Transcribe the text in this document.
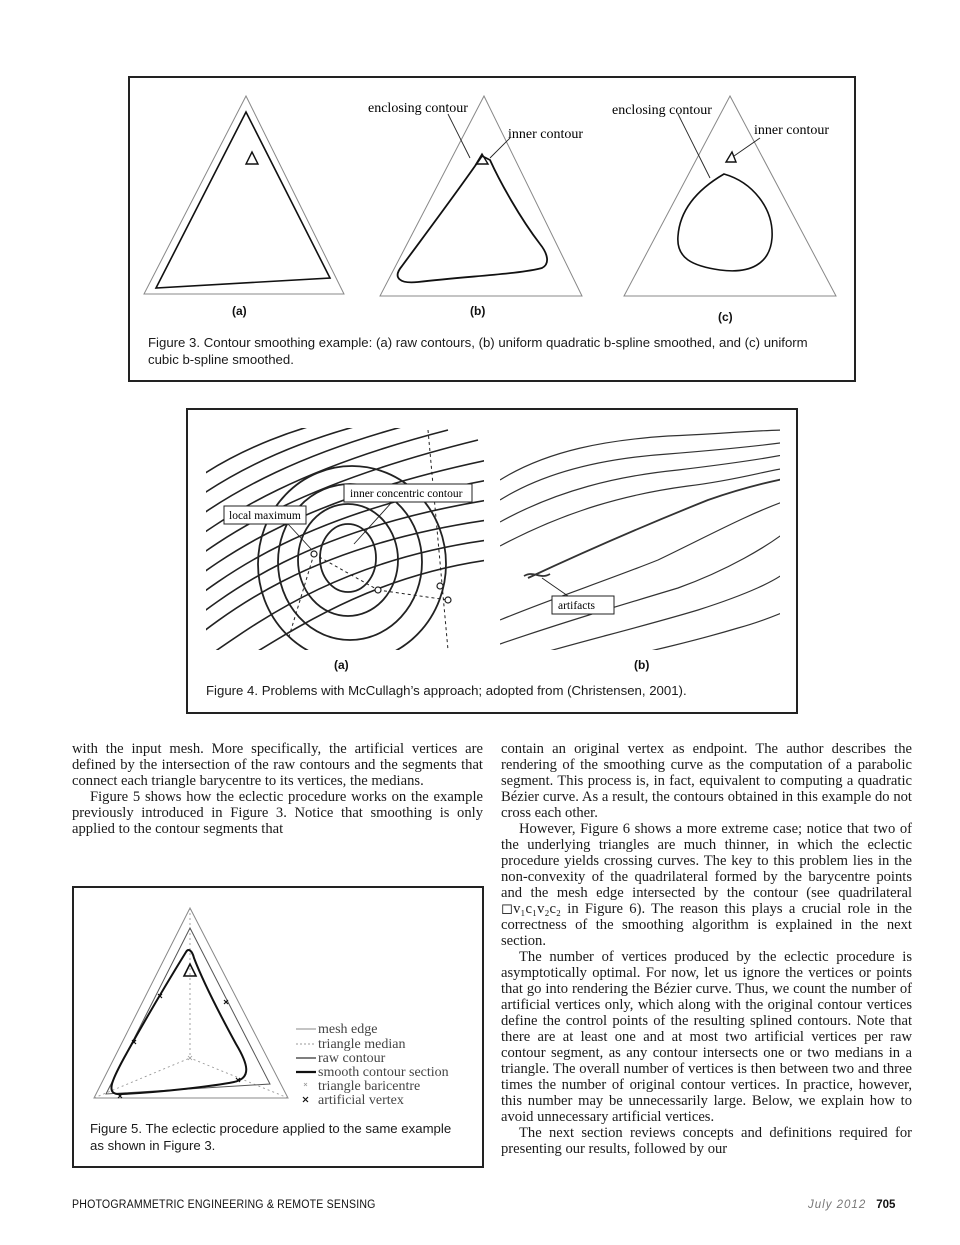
enclosing contour
inner contour
enclosing contour
inner contour
(a)	(b)	(c)
Figure 3. Contour smoothing example: (a) raw contours, (b) uniform quadratic b-spline smoothed, and (c) uniform cubic b-spline smoothed.
inner concentric contour
local maximum
artifacts
(a)	(b)
Figure 4. Problems with McCullagh’s approach; adopted from (Christensen, 2001).
mesh edge
triangle median
raw contour
smooth contour section
triangle baricentre
artificial vertex
Figure 5. The eclectic procedure applied to the same example as shown in Figure 3.

with the input mesh. More specifically, the artificial vertices are defined by the intersection of the raw contours and the segments that connect each triangle barycentre to its vertices, the medians.

Figure 5 shows how the eclectic procedure works on the example previously introduced in Figure 3. Notice that smoothing is only applied to the contour segments that

contain an original vertex as endpoint. The author describes the rendering of the smoothing curve as the computation of a parabolic segment. This process is, in fact, equivalent to computing a quadratic Bézier curve. As a result, the contours obtained in this example do not cross each other.

However, Figure 6 shows a more extreme case; notice that two of the underlying triangles are much thinner, in which the eclectic procedure yields crossing curves. The key to this problem lies in the non-convexity of the quadrilateral formed by the barycentre points and the mesh edge intersected by the contour (see quadrilateral ◻v₁c₁v₂c₂ in Figure 6). The reason this plays a crucial role in the correctness of the smoothing algorithm is explained in the next section.

The number of vertices produced by the eclectic procedure is asymptotically optimal. For now, let us ignore the vertices or points that go into rendering the Bézier curve. Thus, we count the number of artificial vertices only, which along with the original contour vertices define the control points of the resulting splined contours. Note that there are at least one and at most two artificial vertices per raw contour segment, as any contour intersects one or two medians in a triangle. The overall number of vertices is then between two and three times the number of original contour vertices. In practice, however, this number may be unnecessarily large. Below, we explain how to avoid unnecessary artificial vertices.

The next section reviews concepts and definitions required for presenting our results, followed by our

PHOTOGRAMMETRIC ENGINEERING & REMOTE SENSING	July 2012 705
